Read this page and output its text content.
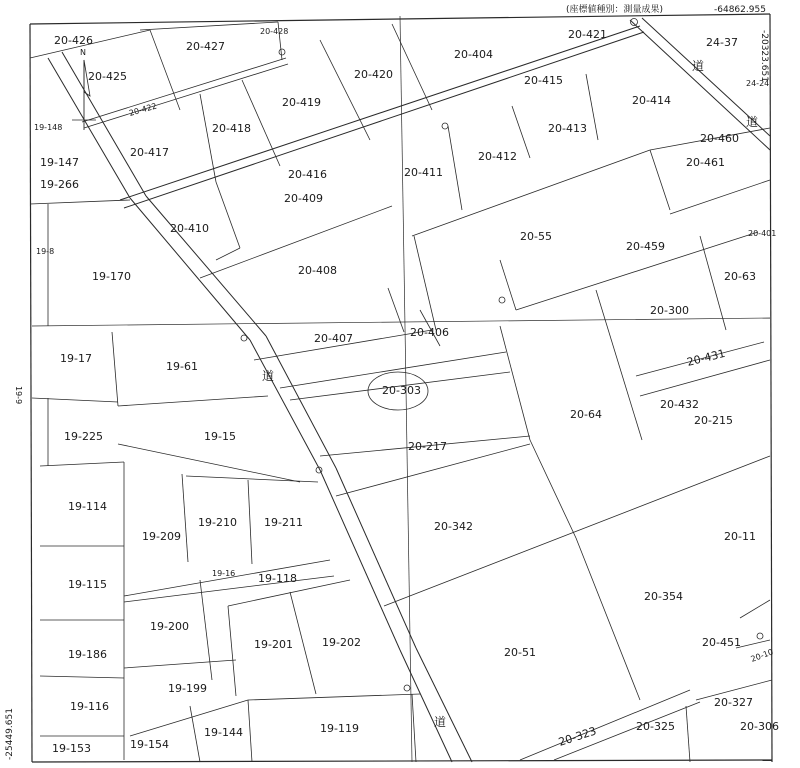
N
(座標値種別：測量成果)	-64862.955
-20323.651
-25449.651
道
道
道
道
20-426	20-427
20-428
20-425
20-422
20-404
20-421
24-37
24-24
20-420
20-419
20-418
20-417
20-415
20-414
20-413
20-412
20-416	20-411
20-409
20-410
20-460
20-461
19-148
19-147
19-266
19-8
19-170	20-408
20-55
20-459
20-63
20-300
20-407	20-406
19-17
19-61
20-303
20-431
20-432
20-215
19-225	19-15
19-9
20-217
20-64
19-114
19-209
19-210 19-211	20-342
20-11
19-115	19-118
19-16
20-354
19-200
19-201	19-202
19-186	20-51
20-451
20-327
19-199
19-116
19-119	20-325	20-306
19-144
19-153	19-154	20-323
20-401
20-10
